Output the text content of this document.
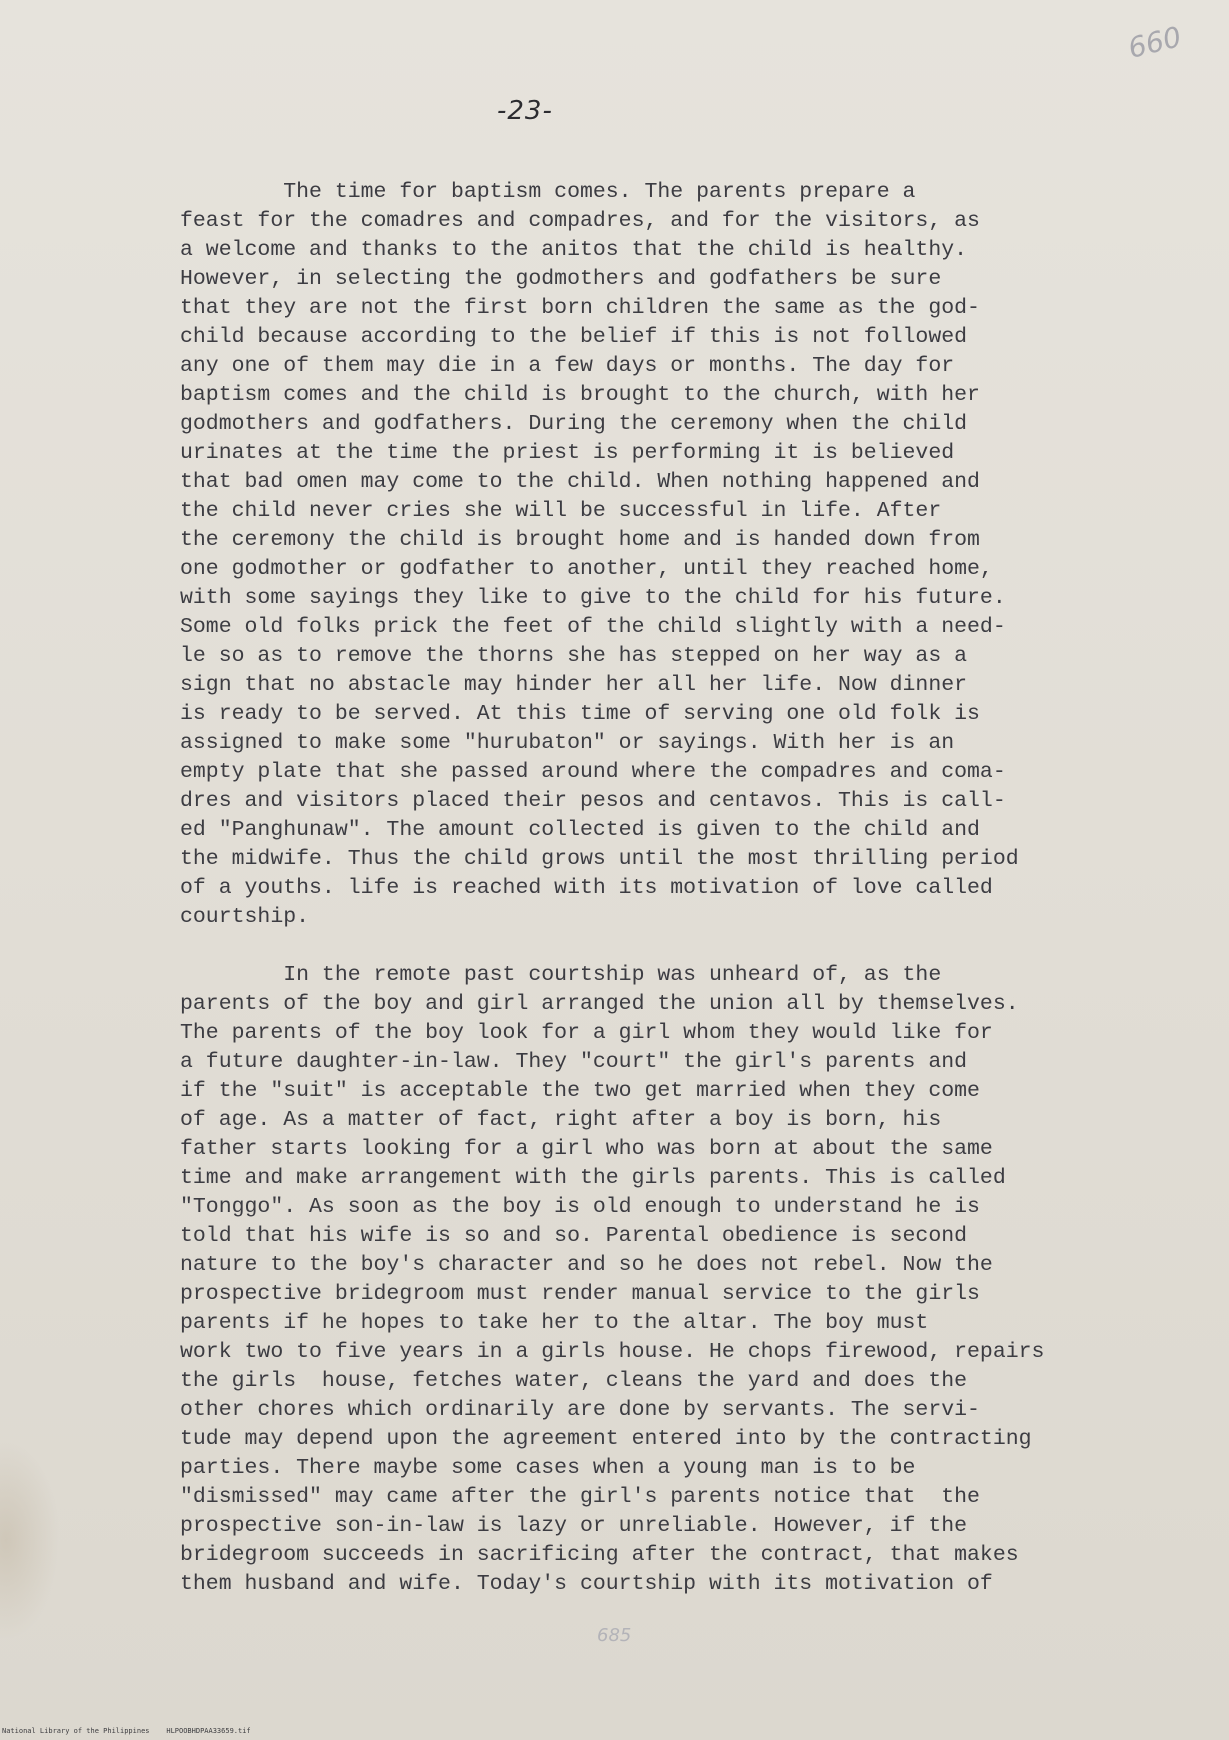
660
-23-
The time for baptism comes. The parents prepare a
feast for the comadres and compadres, and for the visitors, as
a welcome and thanks to the anitos that the child is healthy.
However, in selecting the godmothers and godfathers be sure
that they are not the first born children the same as the god-
child because according to the belief if this is not followed
any one of them may die in a few days or months. The day for
baptism comes and the child is brought to the church, with her
godmothers and godfathers. During the ceremony when the child
urinates at the time the priest is performing it is believed
that bad omen may come to the child. When nothing happened and
the child never cries she will be successful in life. After
the ceremony the child is brought home and is handed down from
one godmother or godfather to another, until they reached home,
with some sayings they like to give to the child for his future.
Some old folks prick the feet of the child slightly with a need-
le so as to remove the thorns she has stepped on her way as a
sign that no abstacle may hinder her all her life. Now dinner
is ready to be served. At this time of serving one old folk is
assigned to make some "hurubaton" or sayings. With her is an
empty plate that she passed around where the compadres and coma-
dres and visitors placed their pesos and centavos. This is call-
ed "Panghunaw". The amount collected is given to the child and
the midwife. Thus the child grows until the most thrilling period
of a youths. life is reached with its motivation of love called
courtship.
In the remote past courtship was unheard of, as the
parents of the boy and girl arranged the union all by themselves.
The parents of the boy look for a girl whom they would like for
a future daughter-in-law. They "court" the girl's parents and
if the "suit" is acceptable the two get married when they come
of age. As a matter of fact, right after a boy is born, his
father starts looking for a girl who was born at about the same
time and make arrangement with the girls parents. This is called
"Tonggo". As soon as the boy is old enough to understand he is
told that his wife is so and so. Parental obedience is second
nature to the boy's character and so he does not rebel. Now the
prospective bridegroom must render manual service to the girls
parents if he hopes to take her to the altar. The boy must
work two to five years in a girls house. He chops firewood, repairs
the girls  house, fetches water, cleans the yard and does the
other chores which ordinarily are done by servants. The servi-
tude may depend upon the agreement entered into by the contracting
parties. There maybe some cases when a young man is to be
"dismissed" may came after the girl's parents notice that  the
prospective son-in-law is lazy or unreliable. However, if the
bridegroom succeeds in sacrificing after the contract, that makes
them husband and wife. Today's courtship with its motivation of
685
National Library of the Philippines    HLPOOBHDPAA33659.tif
